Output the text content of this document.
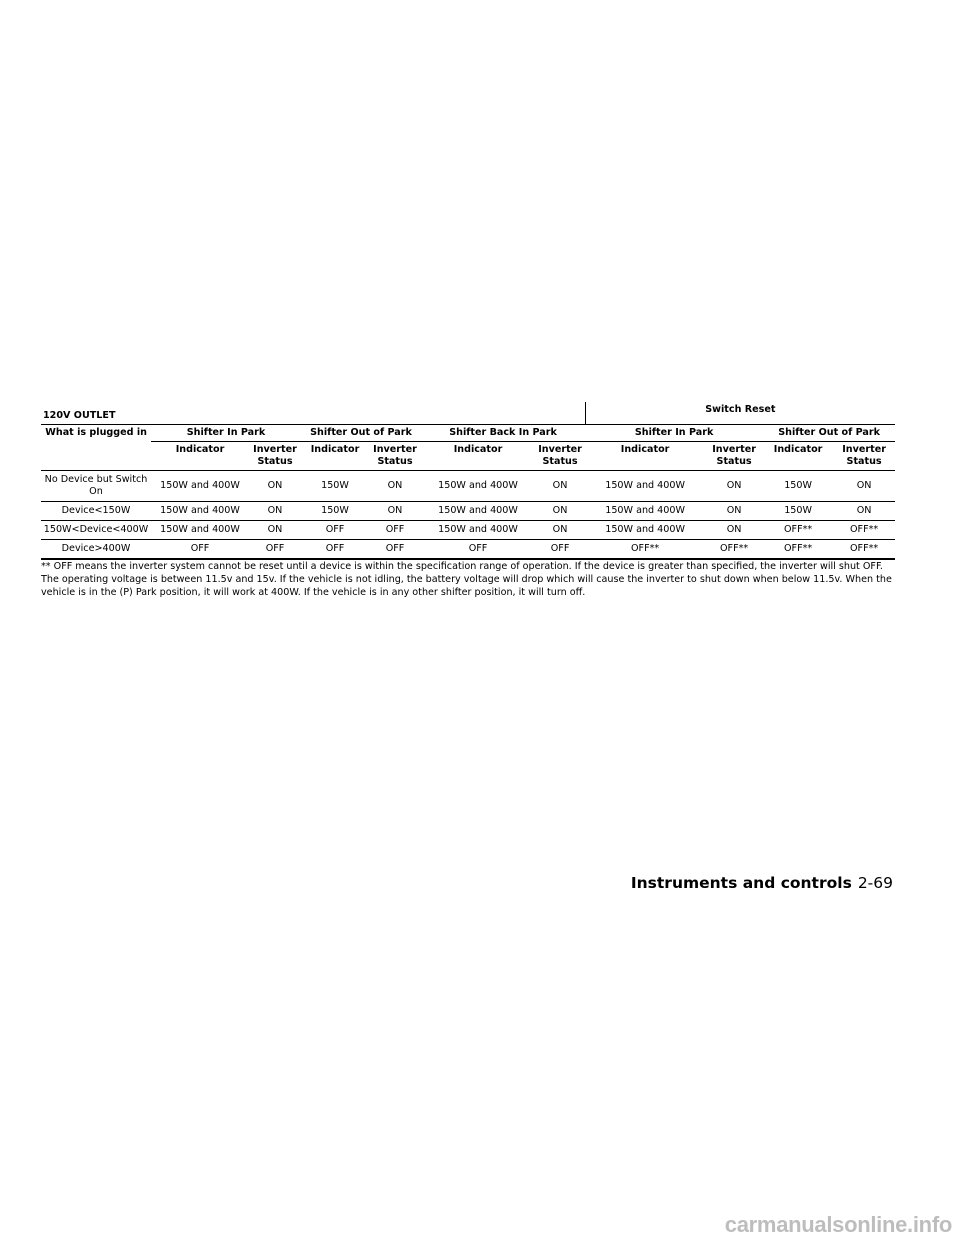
120V OUTLET							Switch Reset			
What is plugged in	Shifter In Park		Shifter Out of Park		Shifter Back In Park		Shifter In Park		Shifter Out of Park	
	Indicator	Inverter Status	Indicator	Inverter Status	Indicator	Inverter Status	Indicator	Inverter Status	Indicator	Inverter Status
No Device but Switch On	150W and 400W	ON	150W	ON	150W and 400W	ON	150W and 400W	ON	150W	ON
Device<150W	150W and 400W	ON	150W	ON	150W and 400W	ON	150W and 400W	ON	150W	ON
150W<Device<400W	150W and 400W	ON	OFF	OFF	150W and 400W	ON	150W and 400W	ON	OFF**	OFF**
Device>400W	OFF	OFF	OFF	OFF	OFF	OFF	OFF**	OFF**	OFF**	OFF**

** OFF means the inverter system cannot be reset until a device is within the specification range of operation. If the device is greater than specified, the inverter will shut OFF. The operating voltage is between 11.5v and 15v. If the vehicle is not idling, the battery voltage will drop which will cause the inverter to shut down when below 11.5v. When the vehicle is in the (P) Park position, it will work at 400W. If the vehicle is in any other shifter position, it will turn off.

Instruments and controls 2-69
carmanualsonline.info
